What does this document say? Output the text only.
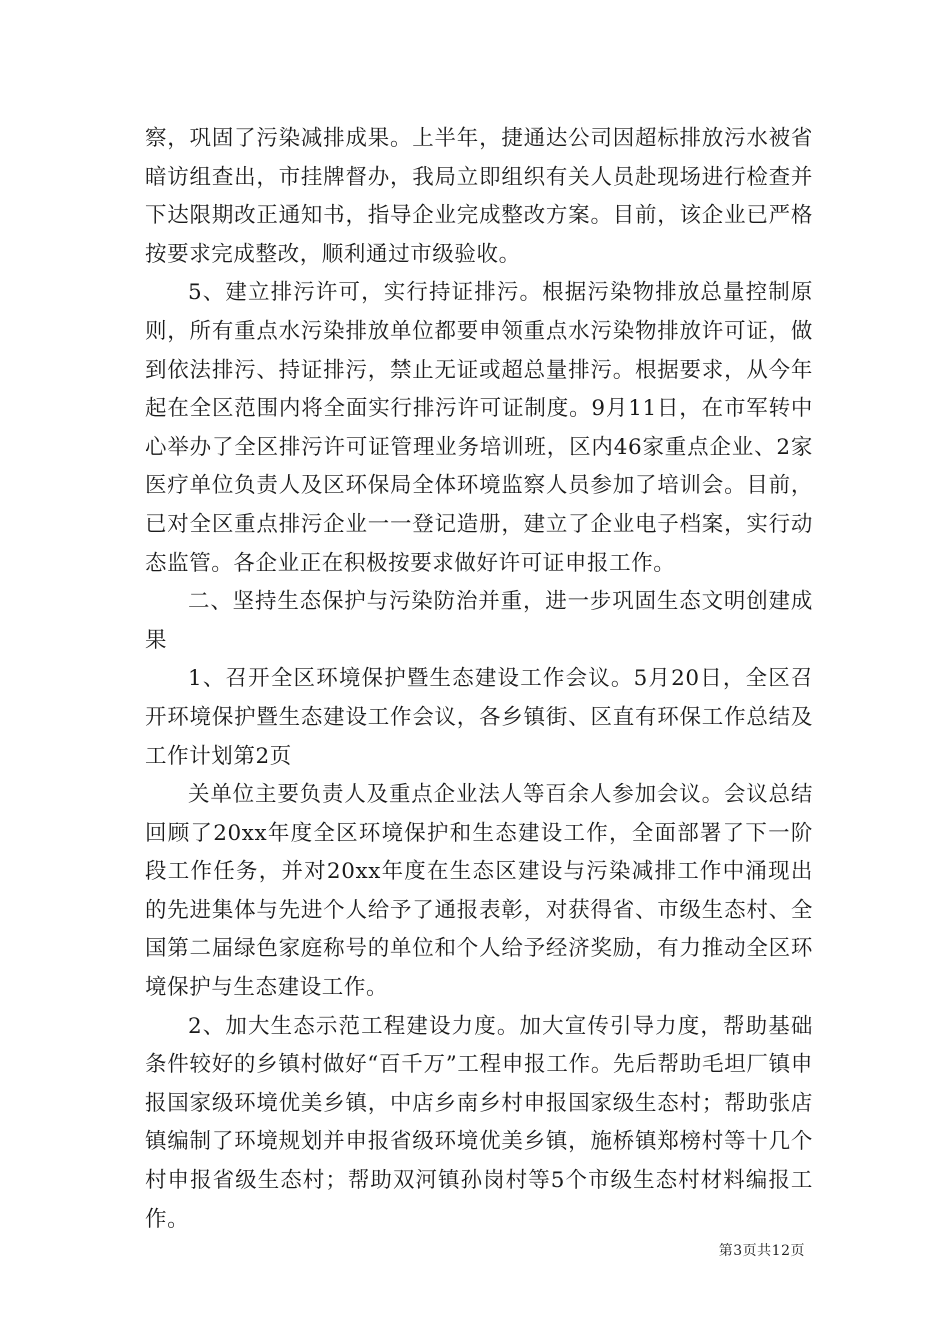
察，巩固了污染减排成果。上半年，捷通达公司因超标排放污水被省暗访组查出，市挂牌督办，我局立即组织有关人员赴现场进行检查并下达限期改正通知书，指导企业完成整改方案。目前，该企业已严格按要求完成整改，顺利通过市级验收。

5、建立排污许可，实行持证排污。根据污染物排放总量控制原则，所有重点水污染排放单位都要申领重点水污染物排放许可证，做到依法排污、持证排污，禁止无证或超总量排污。根据要求，从今年起在全区范围内将全面实行排污许可证制度。9月11日，在市军转中心举办了全区排污许可证管理业务培训班，区内46家重点企业、2家医疗单位负责人及区环保局全体环境监察人员参加了培训会。目前，已对全区重点排污企业一一登记造册，建立了企业电子档案，实行动态监管。各企业正在积极按要求做好许可证申报工作。

二、坚持生态保护与污染防治并重，进一步巩固生态文明创建成果

1、召开全区环境保护暨生态建设工作会议。5月20日，全区召开环境保护暨生态建设工作会议，各乡镇街、区直有环保工作总结及工作计划第2页

关单位主要负责人及重点企业法人等百余人参加会议。会议总结回顾了20xx年度全区环境保护和生态建设工作，全面部署了下一阶段工作任务，并对20xx年度在生态区建设与污染减排工作中涌现出的先进集体与先进个人给予了通报表彰，对获得省、市级生态村、全国第二届绿色家庭称号的单位和个人给予经济奖励，有力推动全区环境保护与生态建设工作。

2、加大生态示范工程建设力度。加大宣传引导力度，帮助基础条件较好的乡镇村做好“百千万”工程申报工作。先后帮助毛坦厂镇申报国家级环境优美乡镇，中店乡南乡村申报国家级生态村；帮助张店镇编制了环境规划并申报省级环境优美乡镇，施桥镇郑榜村等十几个村申报省级生态村；帮助双河镇孙岗村等5个市级生态村材料编报工作。

第3页共12页
